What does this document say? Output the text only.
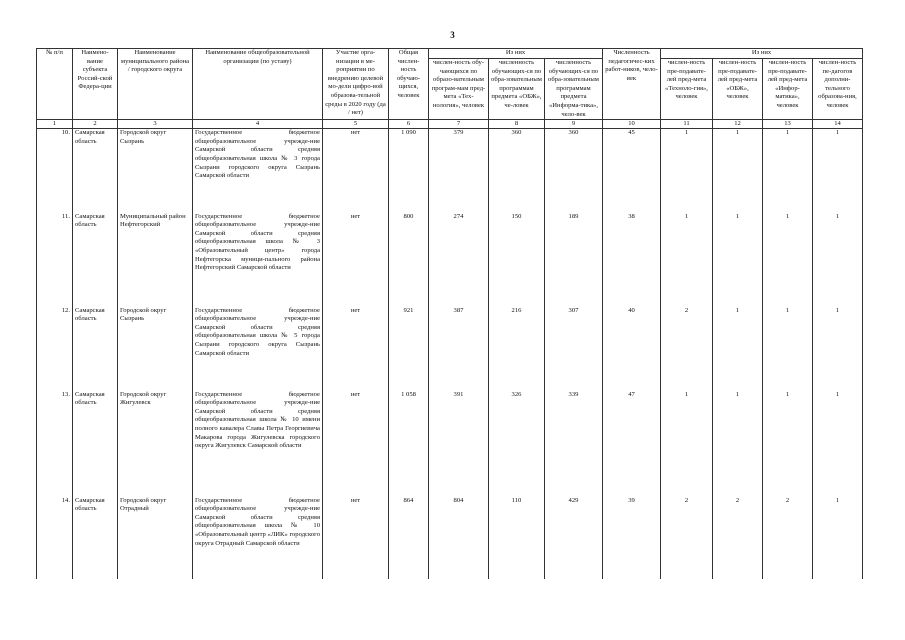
3
№ п/п	Наимено-вание субъекта Россий-ской Федера-ции	Наименование муниципального района / городского округа	Наименование общеобразовательной организации (по уставу)	Участие орга-низации в ме-роприятии по внедрению целевой мо-дели цифро-вой образова-тельной среды в 2020 году (да / нет)	Общая числен-ность обучаю-щихся, человек	Из них			Численность педагогичес-ких работ-ников, чело-век	Из них			
						числен-ность обу-чающихся по образо-вательным програм-мам пред-мета «Тех-нология», человек	численность обучающих-ся по обра-зовательным программам предмета «ОБЖ», че-ловек	численность обучающих-ся по обра-зовательным программам предмета «Информа-тика», чело-век		числен-ность пре-подавате-лей пред-мета «Техноло-гия», человек	числен-ность пре-подавате-лей пред-мета «ОБЖ», человек	числен-ность пре-подавате-лей пред-мета «Инфор-матика», человек	числен-ность пе-дагогов дополни-тельного образова-ния, человек
1	2	3	4	5	6	7	8	9	10	11	12	13	14
10.	Самарская область	Городской округ Сызрань	Государственное бюджетное общеобразовательное учрежде-ние Самарской области средняя общеобразовательная школа № 3 города Сызрани городского округа Сызрань Самарской области	нет	1 090	379	360	360	45	1	1	1	1
11.	Самарская область	Муниципальный район Нефтегорский	Государственное бюджетное общеобразовательное учрежде-ние Самарской области средняя общеобразовательная школа № 3 «Образовательный центр» города Нефтегорска муници-пального района Нефтегорский Самарской области	нет	800	274	150	189	38	1	1	1	1
12.	Самарская область	Городской округ Сызрань	Государственное бюджетное общеобразовательное учрежде-ние Самарской области средняя общеобразовательная школа № 5 города Сызрани городского округа Сызрань Самарской области	нет	921	387	216	307	40	2	1	1	1
13.	Самарская область	Городской округ Жигулевск	Государственное бюджетное общеобразовательное учрежде-ние Самарской области средняя общеобразовательная школа № 10 имени полного кавалера Славы Петра Георгиевича Макарова города Жигулевска городского округа Жигулевск Самарской области	нет	1 058	391	326	339	47	1	1	1	1
14.	Самарская область	Городской округ Отрадный	Государственное бюджетное общеобразовательное учрежде-ние Самарской области средняя общеобразовательная школа № 10 «Образовательный центр «ЛИК» городского округа Отрадный Самарской области	нет	864	804	110	429	39	2	2	2	1
